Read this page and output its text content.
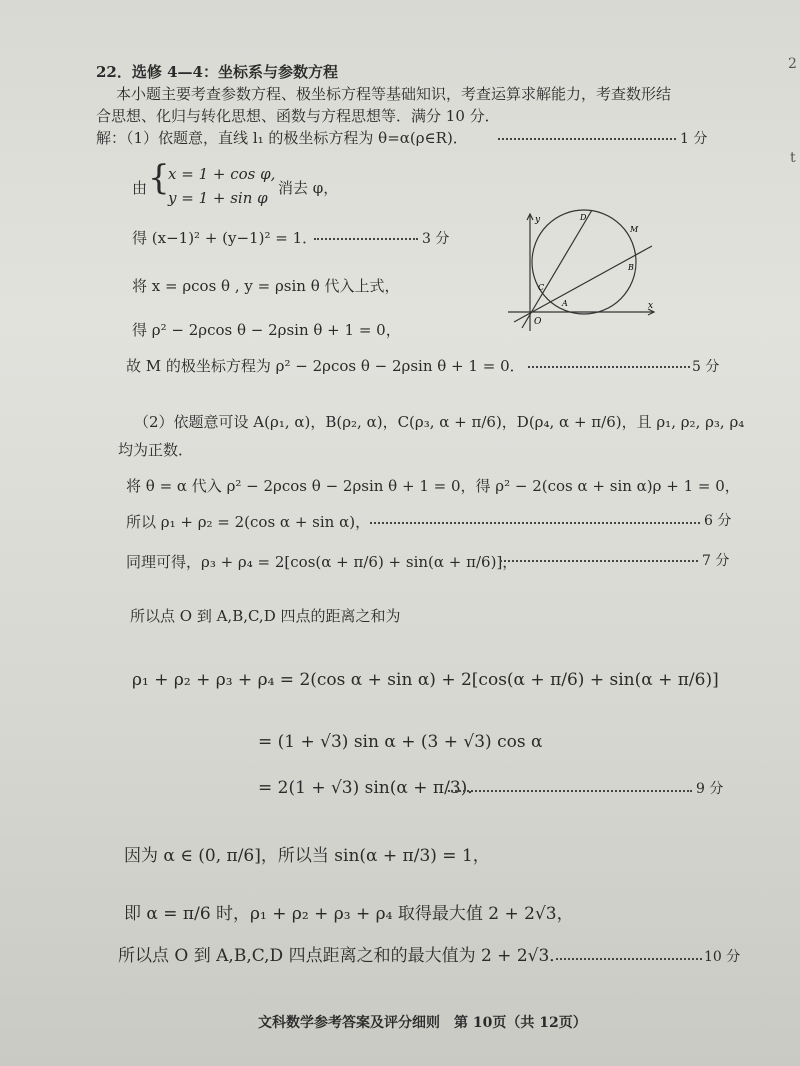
22．选修 4—4：坐标系与参数方程
本小题主要考查参数方程、极坐标方程等基础知识，考查运算求解能力，考查数形结
合思想、化归与转化思想、函数与方程思想等．满分 10 分．
解：（1）依题意，直线 l₁ 的极坐标方程为 θ=α(ρ∈R)．	1 分
由 {
x = 1 + cos φ,
y = 1 + sin φ
消去 φ，
得 (x−1)² + (y−1)² = 1．	3 分
将 x = ρcos θ , y = ρsin θ 代入上式，
得 ρ² − 2ρcos θ − 2ρsin θ + 1 = 0，
故 M 的极坐标方程为 ρ² − 2ρcos θ − 2ρsin θ + 1 = 0．	5 分
y
x
O
A
B
C
D
M
（2）依题意可设 A(ρ₁, α)，B(ρ₂, α)，C(ρ₃, α + π/6)，D(ρ₄, α + π/6)，且 ρ₁, ρ₂, ρ₃, ρ₄
均为正数．
将 θ = α 代入 ρ² − 2ρcos θ − 2ρsin θ + 1 = 0，得 ρ² − 2(cos α + sin α)ρ + 1 = 0，
所以 ρ₁ + ρ₂ = 2(cos α + sin α)，	6 分
同理可得，ρ₃ + ρ₄ = 2[cos(α + π/6) + sin(α + π/6)]，	7 分
所以点 O 到 A,B,C,D 四点的距离之和为
ρ₁ + ρ₂ + ρ₃ + ρ₄ = 2(cos α + sin α) + 2[cos(α + π/6) + sin(α + π/6)]
= (1 + √3) sin α + (3 + √3) cos α
= 2(1 + √3) sin(α + π/3)．	9 分
因为 α ∈ (0, π/6]，所以当 sin(α + π/3) = 1，
即 α = π/6 时，ρ₁ + ρ₂ + ρ₃ + ρ₄ 取得最大值 2 + 2√3，
所以点 O 到 A,B,C,D 四点距离之和的最大值为 2 + 2√3．	10 分
文科数学参考答案及评分细则　第 10页（共 12页）
2
t
